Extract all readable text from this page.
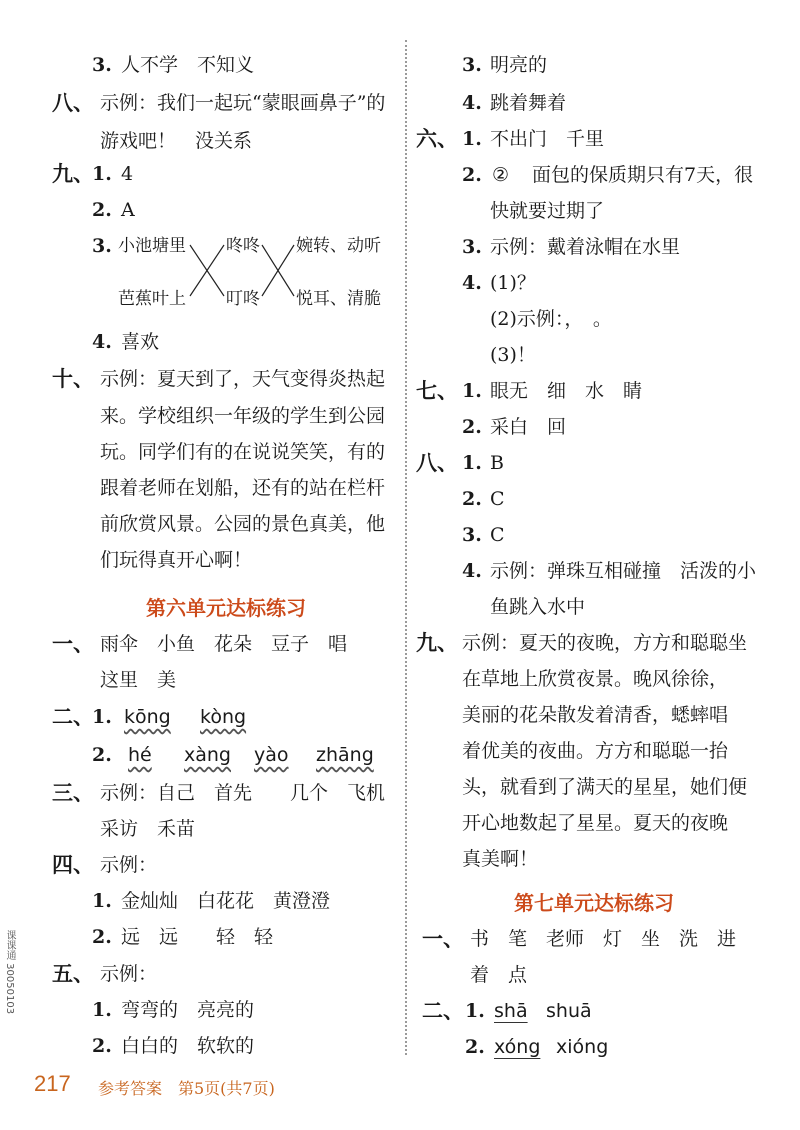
3. 人不学　不知义
八、 示例：我们一起玩“蒙眼画鼻子”的
游戏吧！　没关系
九、
1. 4
2. A
3. 小池塘里 咚咚 婉转、动听
芭蕉叶上 叮咚 悦耳、清脆
4. 喜欢
十、 示例：夏天到了，天气变得炎热起
来。学校组织一年级的学生到公园
玩。同学们有的在说说笑笑，有的
跟着老师在划船，还有的站在栏杆
前欣赏风景。公园的景色真美，他
们玩得真开心啊！
第六单元达标练习
一、 雨伞　小鱼　花朵　豆子　唱
这里　美
二、
1. kōng kòng
2. hé xàng yào zhāng
三、 示例：自己　首先　　几个　飞机
采访　禾苗
四、 示例：
1. 金灿灿　白花花　黄澄澄
2. 远　远　　轻　轻
五、 示例：
1. 弯弯的　亮亮的
2. 白白的　软软的
3. 明亮的
4. 跳着舞着
六、 1. 不出门　千里
2. ② 面包的保质期只有7天，很
快就要过期了
3. 示例：戴着泳帽在水里
4. (1)？
(2)示例：，　。
(3)！
七、 1. 眼无　细　水　睛
2. 采白　回
八、 1. B
2. C
3. C
4. 示例：弹珠互相碰撞　活泼的小
鱼跳入水中
九、 示例：夏天的夜晚，方方和聪聪坐
在草地上欣赏夜景。晚风徐徐，
美丽的花朵散发着清香，蟋蟀唱
着优美的夜曲。方方和聪聪一抬
头，就看到了满天的星星，她们便
开心地数起了星星。夏天的夜晚
真美啊！
第七单元达标练习
一、 书　笔　老师　灯　坐　洗　进
着　点
二、 1. shā shuā
2. xóng xióng
217 参考答案　第5页(共7页)
课课通 30050103
